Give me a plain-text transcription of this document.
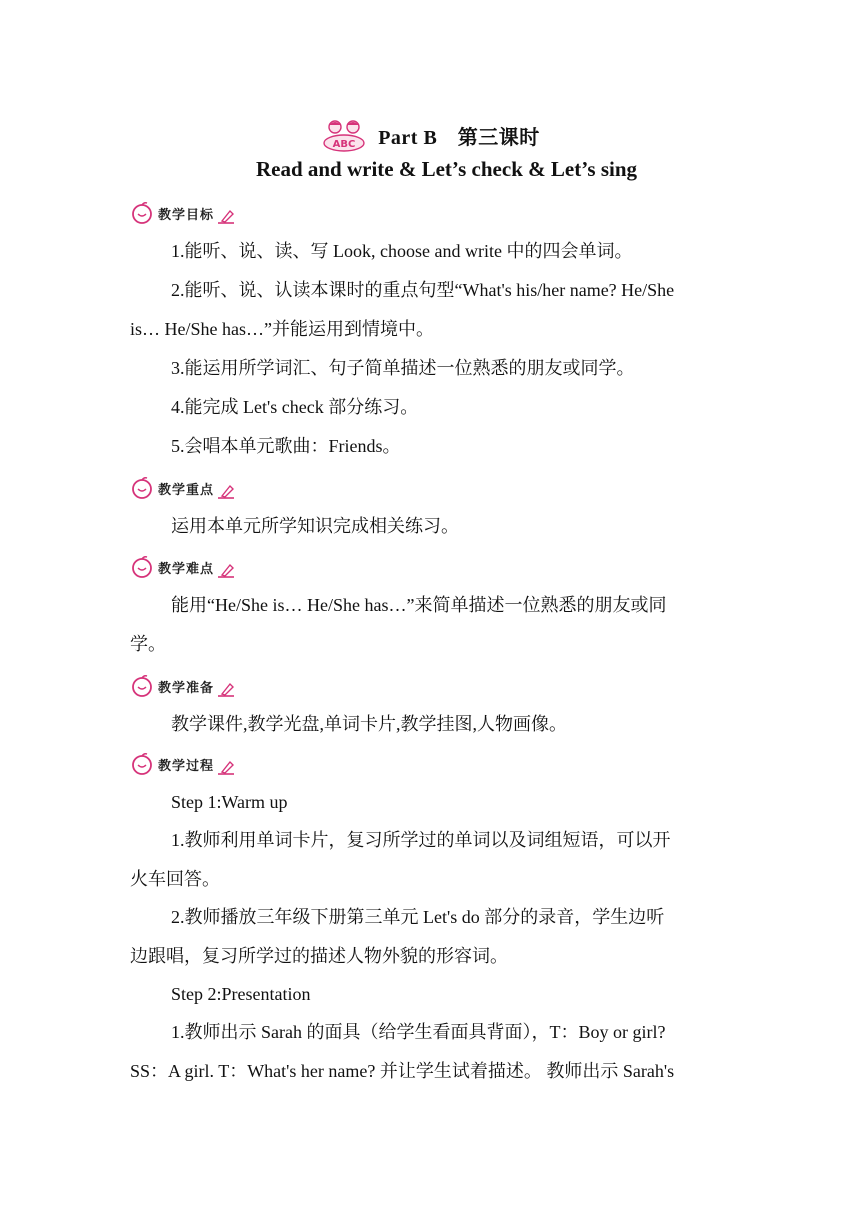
ABC Part B　第三课时
Read and write & Let’s check & Let’s sing
教学目标
1.能听、说、读、写 Look, choose and write 中的四会单词。
2.能听、说、认读本课时的重点句型“What's his/her name? He/She
is… He/She has…”并能运用到情境中。
3.能运用所学词汇、句子简单描述一位熟悉的朋友或同学。
4.能完成 Let's check 部分练习。
5.会唱本单元歌曲：Friends。
教学重点
运用本单元所学知识完成相关练习。
教学难点
能用“He/She is… He/She has…”来简单描述一位熟悉的朋友或同
学。
教学准备
教学课件,教学光盘,单词卡片,教学挂图,人物画像。
教学过程
Step 1:Warm up
1.教师利用单词卡片，复习所学过的单词以及词组短语，可以开
火车回答。
2.教师播放三年级下册第三单元 Let's do 部分的录音，学生边听
边跟唱，复习所学过的描述人物外貌的形容词。
Step 2:Presentation
1.教师出示 Sarah 的面具（给学生看面具背面），T：Boy or girl?
SS：A girl. T：What's her name? 并让学生试着描述。 教师出示 Sarah's
